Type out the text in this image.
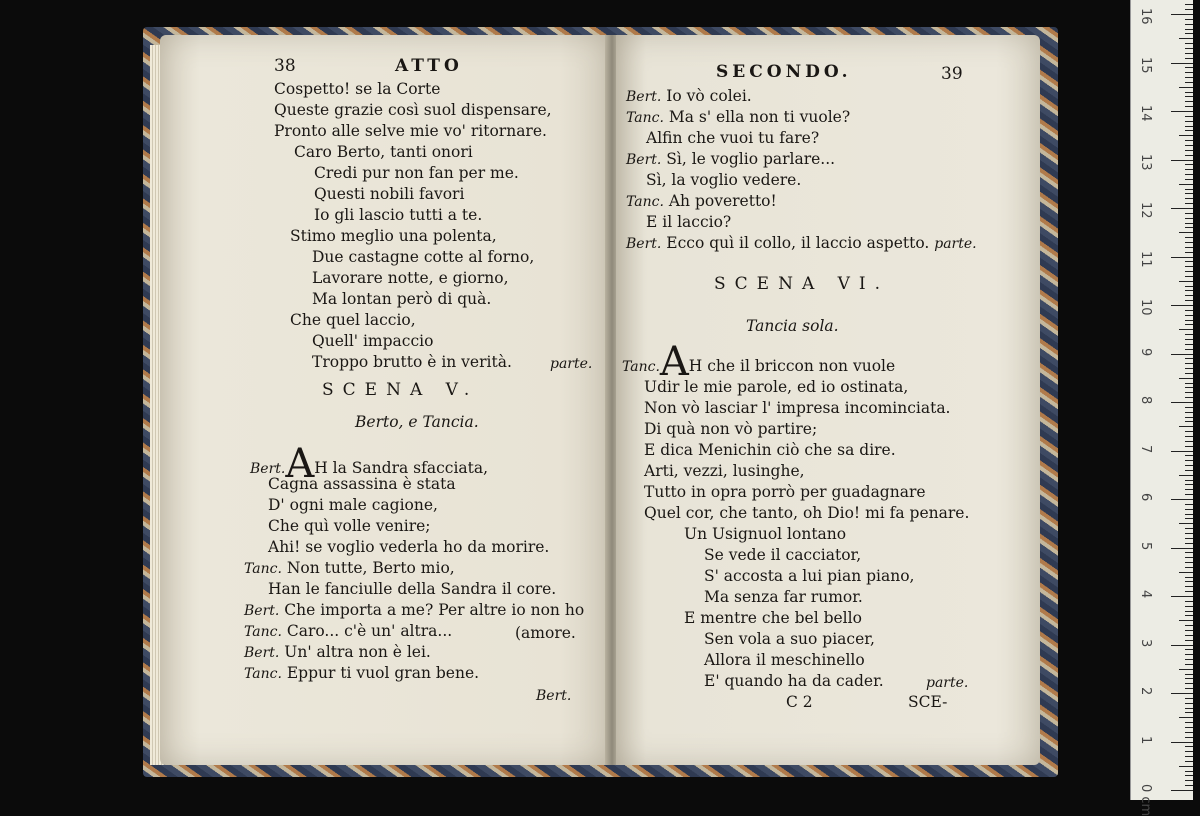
38	ATTO
Cospetto! se la Corte
Queste grazie così suol dispensare,
Pronto alle selve mie vo' ritornare.
Caro Berto, tanti onori
Credi pur non fan per me.
Questi nobili favori
Io gli lascio tutti a te.
Stimo meglio una polenta,
Due castagne cotte al forno,
Lavorare notte, e giorno,
Ma lontan però di quà.
Che quel laccio,
Quell' impaccio
Troppo brutto è in verità.	parte.
SCENA V.
Berto, e Tancia.
Bert.AH la Sandra sfacciata,
Cagna assassina è stata
D' ogni male cagione,
Che quì volle venire;
Ahi! se voglio vederla ho da morire.
Tanc. Non tutte, Berto mio,
Han le fanciulle della Sandra il core.
Bert. Che importa a me? Per altre io non ho
Tanc. Caro... c'è un' altra...	(amore.
Bert. Un' altra non è lei.
Tanc. Eppur ti vuol gran bene.
Bert.
SECONDO.	39
Bert. Io vò colei.
Tanc. Ma s' ella non ti vuole?
Alfin che vuoi tu fare?
Bert. Sì, le voglio parlare...
Sì, la voglio vedere.
Tanc. Ah poveretto!
E il laccio?
Bert. Ecco quì il collo, il laccio aspetto. parte.
SCENA VI.
Tancia sola.
Tanc.AH che il briccon non vuole
Udir le mie parole, ed io ostinata,
Non vò lasciar l' impresa incominciata.
Di quà non vò partire;
E dica Menichin ciò che sa dire.
Arti, vezzi, lusinghe,
Tutto in opra porrò per guadagnare
Quel cor, che tanto, oh Dio! mi fa penare.
Un Usignuol lontano
Se vede il cacciator,
S' accosta a lui pian piano,
Ma senza far rumor.
E mentre che bel bello
Sen vola a suo piacer,
Allora il meschinello
E' quando ha da cader.	parte.
C 2	SCE-
0 cm
1
2
3
4
5
6
7
8
9
10
11
12
13
14
15
16
